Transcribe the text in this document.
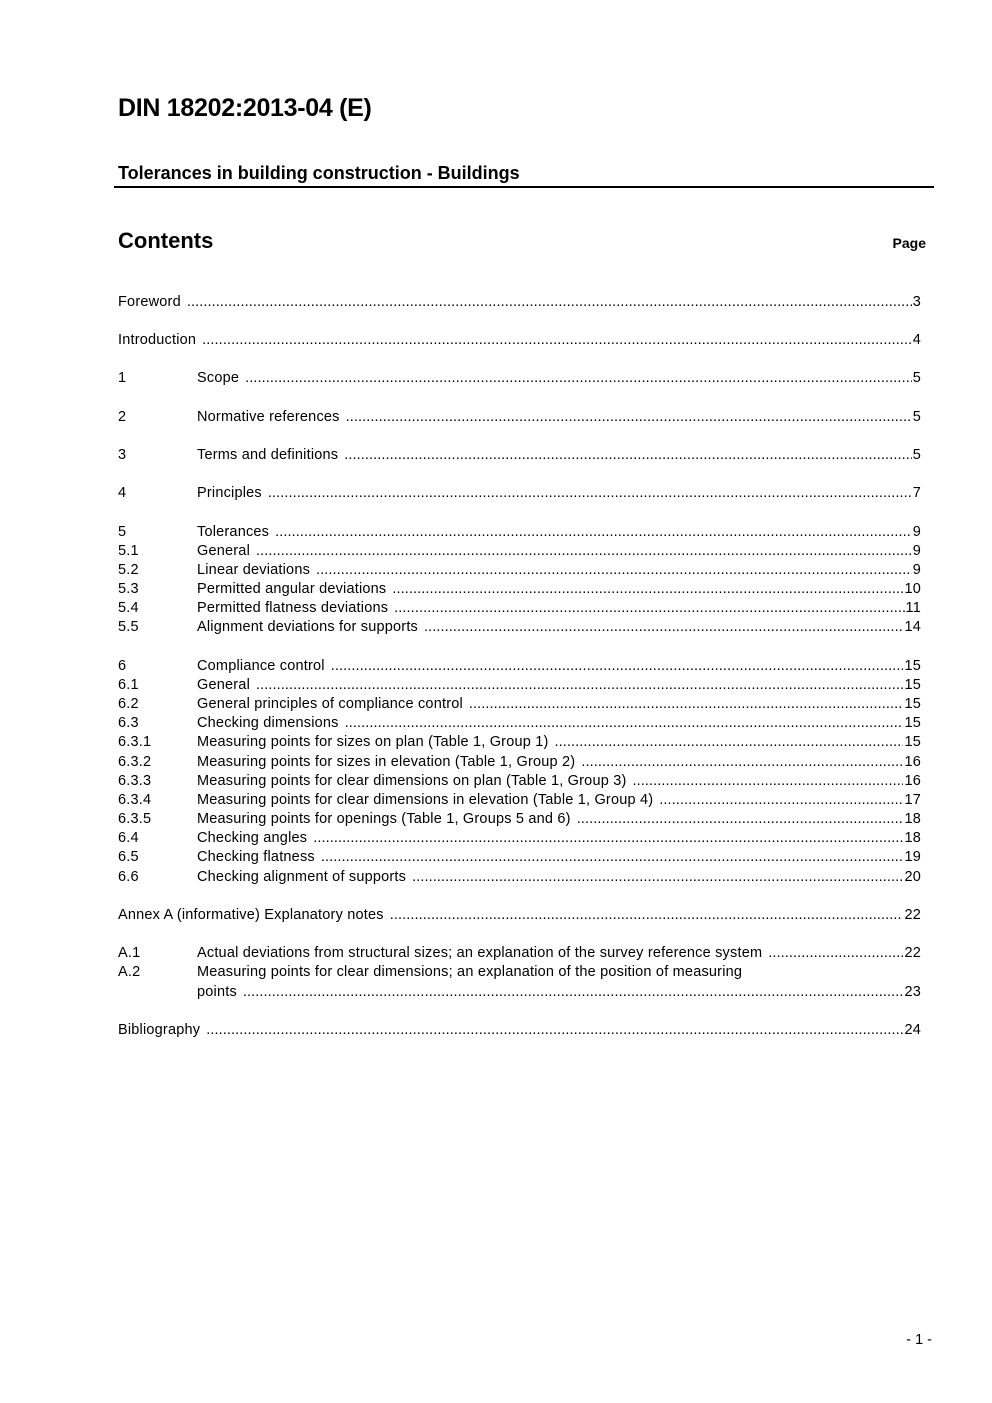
DIN 18202:2013-04 (E)
Tolerances in building construction - Buildings
Contents	Page
Foreword .....	3
Introduction .....	4
1	Scope .....	5
2	Normative references .....	5
3	Terms and definitions .....	5
4	Principles .....	7
5	Tolerances .....	9
5.1	General .....	9
5.2	Linear deviations .....	9
5.3	Permitted angular deviations .....	10
5.4	Permitted flatness deviations .....	11
5.5	Alignment deviations for supports .....	14
6	Compliance control .....	15
6.1	General .....	15
6.2	General principles of compliance control .....	15
6.3	Checking dimensions .....	15
6.3.1	Measuring points for sizes on plan (Table 1, Group 1) .....	15
6.3.2	Measuring points for sizes in elevation (Table 1, Group 2) .....	16
6.3.3	Measuring points for clear dimensions on plan (Table 1, Group 3) .....	16
6.3.4	Measuring points for clear dimensions in elevation (Table 1, Group 4) .....	17
6.3.5	Measuring points for openings (Table 1, Groups 5 and 6) .....	18
6.4	Checking angles .....	18
6.5	Checking flatness .....	19
6.6	Checking alignment of supports .....	20
Annex A (informative) Explanatory notes .....	22
A.1	Actual deviations from structural sizes; an explanation of the survey reference system .....	22
A.2	Measuring points for clear dimensions; an explanation of the position of measuring
points .....	23
Bibliography .....	24
- 1 -
